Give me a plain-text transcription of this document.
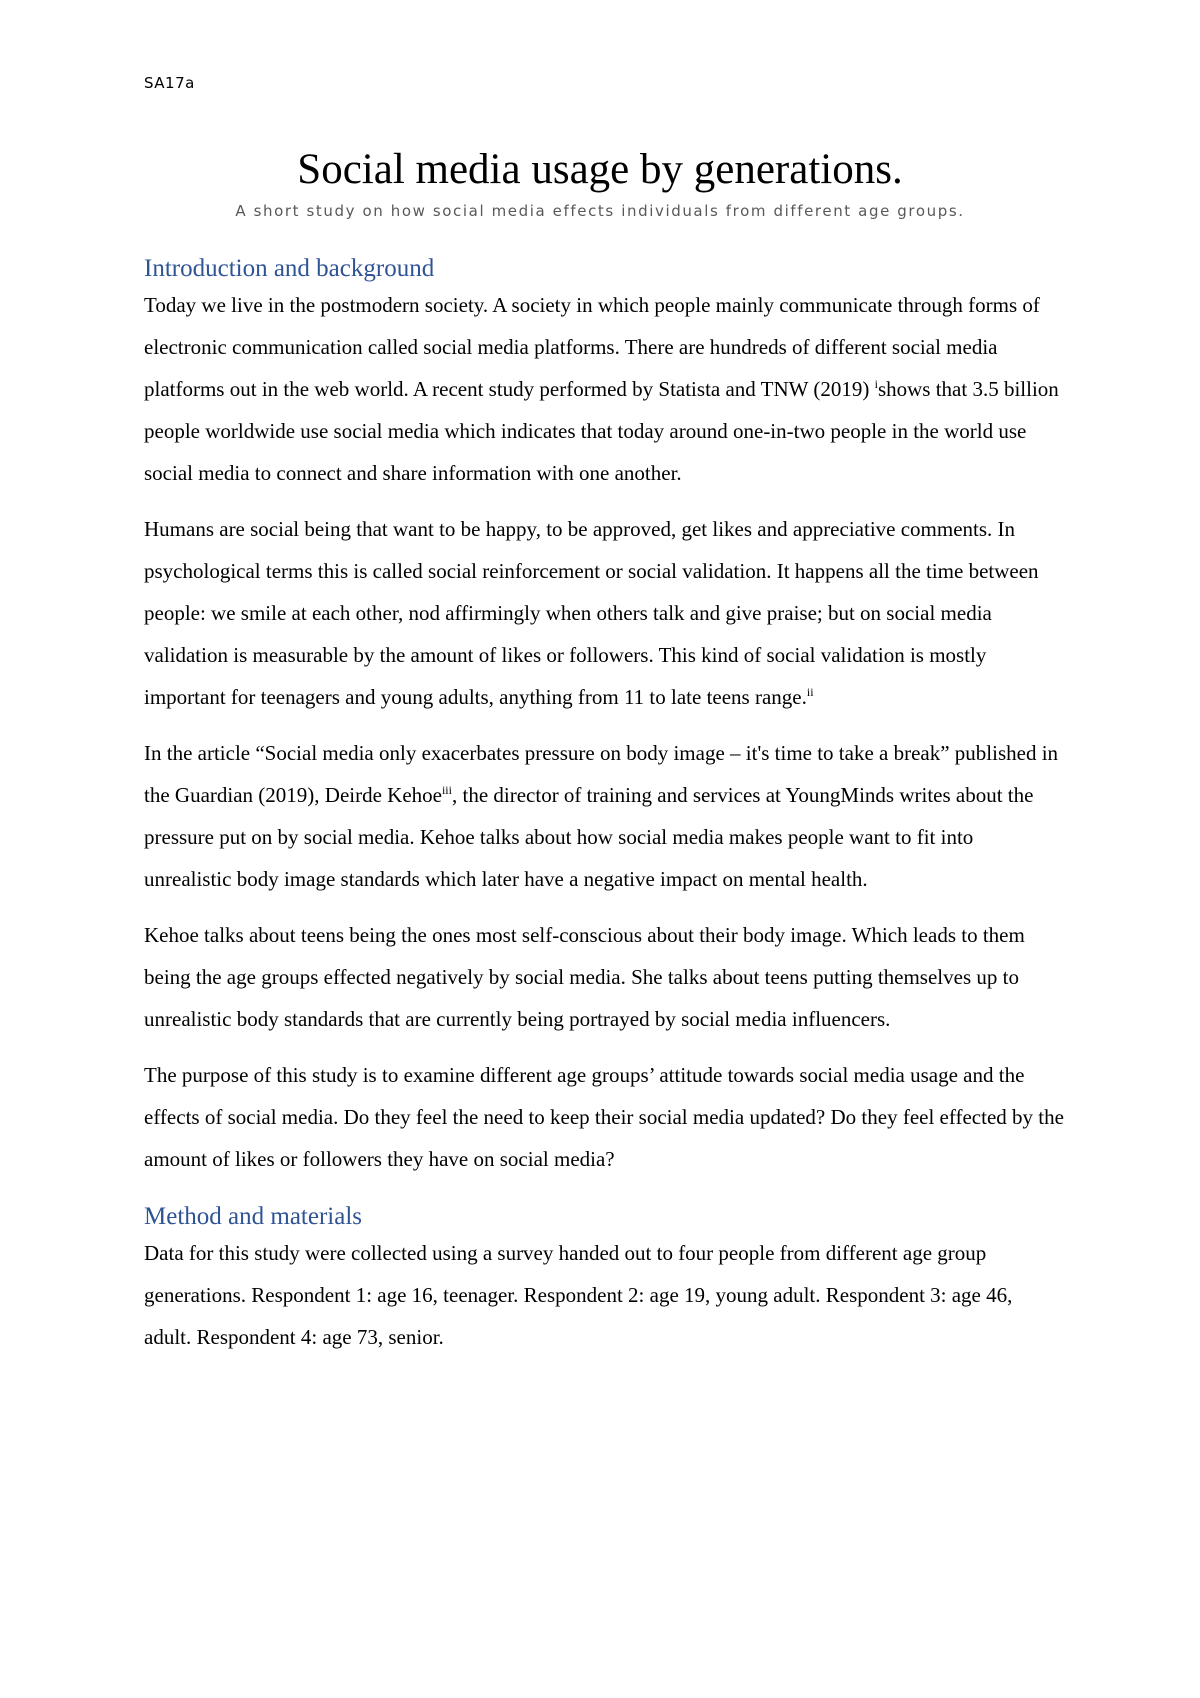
SA17a
Social media usage by generations.

A short study on how social media effects individuals from different age groups.

Introduction and background

Today we live in the postmodern society. A society in which people mainly communicate through forms of electronic communication called social media platforms. There are hundreds of different social media platforms out in the web world. A recent study performed by Statista and TNW (2019) $^i$shows that 3.5 billion people worldwide use social media which indicates that today around one-in-two people in the world use social media to connect and share information with one another.

Humans are social being that want to be happy, to be approved, get likes and appreciative comments. In psychological terms this is called social reinforcement or social validation. It happens all the time between people: we smile at each other, nod affirmingly when others talk and give praise; but on social media validation is measurable by the amount of likes or followers. This kind of social validation is mostly important for teenagers and young adults, anything from 11 to late teens range.$^{ii}$

In the article “Social media only exacerbates pressure on body image – it's time to take a break” published in the Guardian (2019), Deirde Kehoe$^{iii}$, the director of training and services at YoungMinds writes about the pressure put on by social media. Kehoe talks about how social media makes people want to fit into unrealistic body image standards which later have a negative impact on mental health.

Kehoe talks about teens being the ones most self-conscious about their body image. Which leads to them being the age groups effected negatively by social media. She talks about teens putting themselves up to unrealistic body standards that are currently being portrayed by social media influencers.

The purpose of this study is to examine different age groups’ attitude towards social media usage and the effects of social media. Do they feel the need to keep their social media updated? Do they feel effected by the amount of likes or followers they have on social media?

Method and materials

Data for this study were collected using a survey handed out to four people from different age group generations. Respondent 1: age 16, teenager. Respondent 2: age 19, young adult. Respondent 3: age 46, adult. Respondent 4: age 73, senior.
